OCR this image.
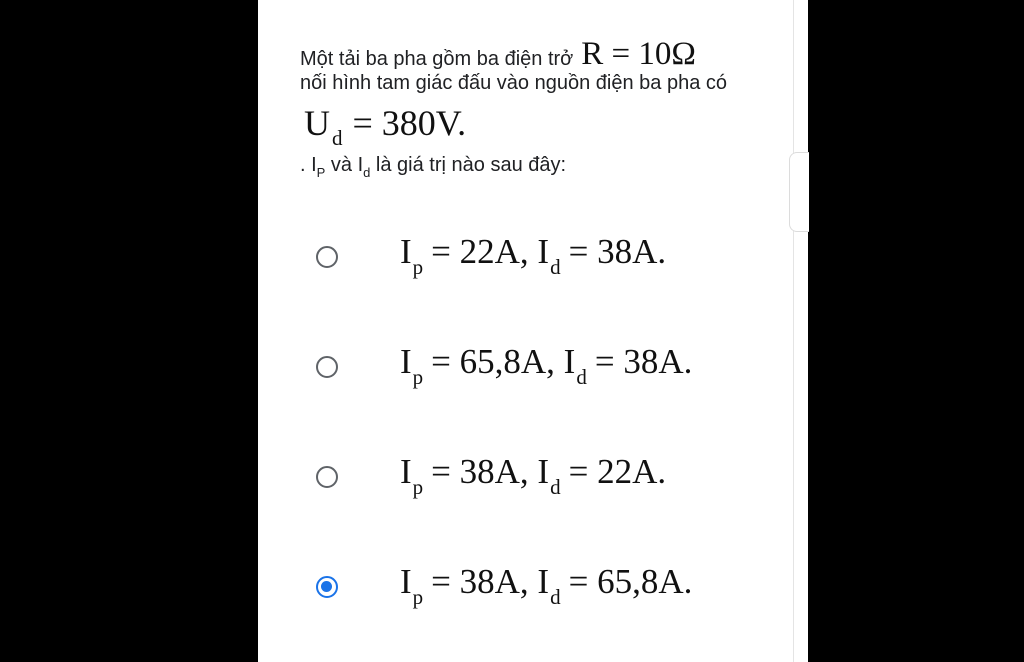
Một tải ba pha gồm ba điện trở R = 10Ω
nối hình tam giác đấu vào nguồn điện ba pha có
$U_d = 380V$.
. $I_P$ và $I_d$ là giá trị nào sau đây:
$I_p = 22A$, $I_d = 38A$.
$I_p = 65,8A$, $I_d = 38A$.
$I_p = 38A$, $I_d = 22A$.
$I_p = 38A$, $I_d = 65,8A$.
